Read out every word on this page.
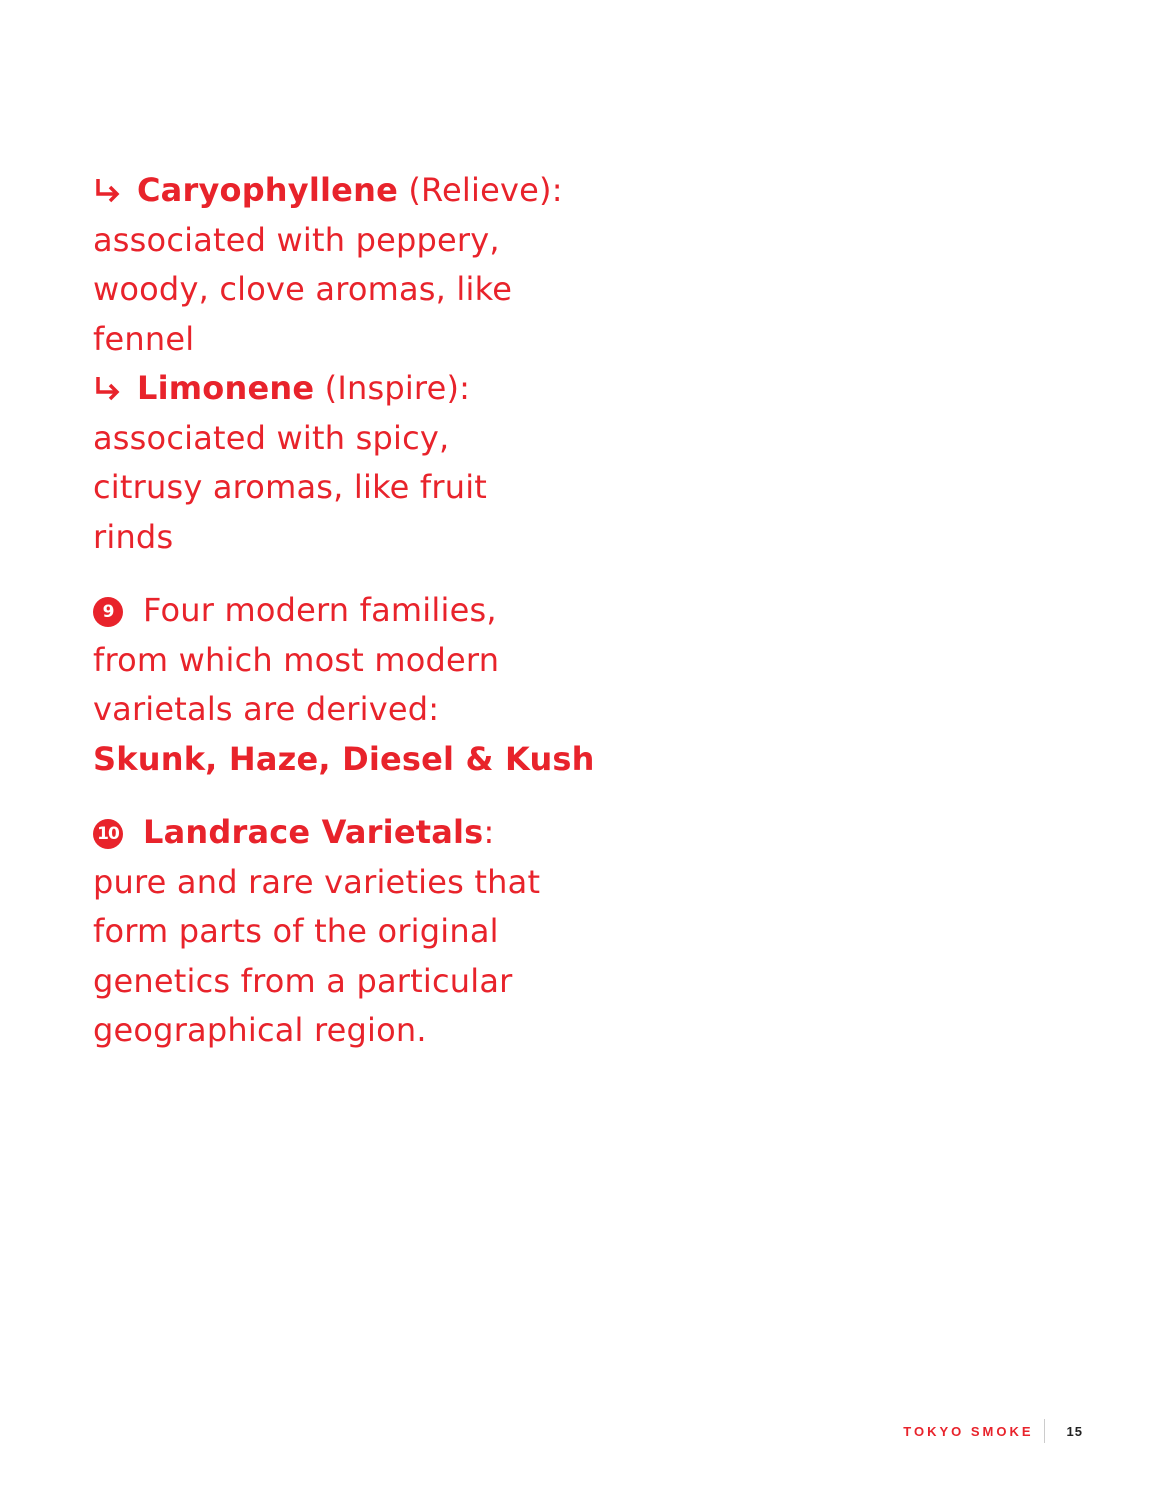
Caryophyllene (Relieve):
associated with peppery,
woody, clove aromas, like
fennel
Limonene (Inspire):
associated with spicy,
citrusy aromas, like fruit
rinds
9 Four modern families,
from which most modern
varietals are derived:
Skunk, Haze, Diesel & Kush
10 Landrace Varietals:
pure and rare varieties that
form parts of the original
genetics from a particular
geographical region.
TOKYO SMOKE	15
